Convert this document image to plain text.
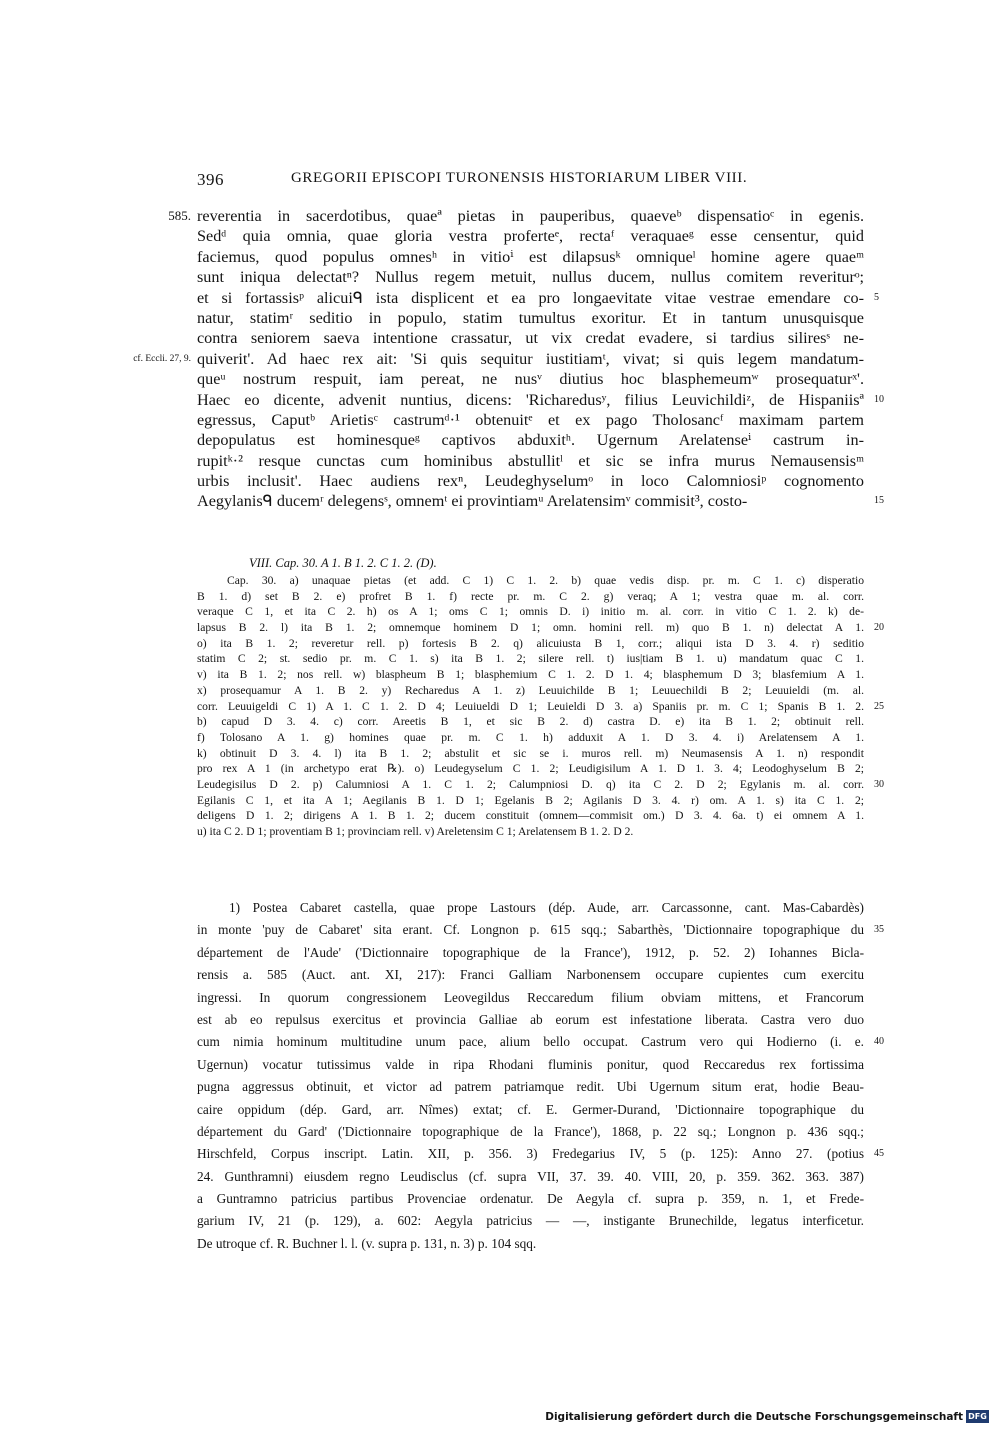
396	GREGORII EPISCOPI TURONENSIS HISTORIARUM LIBER VIII.
585. reverentia in sacerdotibus, quaeª pietas in pauperibus, quaeveᵇ dispensatioᶜ in egenis.
Sedᵈ quia omnia, quae gloria vestra proferteᵉ, rectaᶠ veraquaeᵍ esse censentur, quid
faciemus, quod populus omnesʰ in vitioⁱ est dilapsusᵏ omniqueˡ homine agere quaeᵐ
sunt iniqua delectatⁿ? Nullus regem metuit, nullus ducem, nullus comitem reveriturᵒ;
et si fortassisᵖ alicuiᑫ ista displicent et ea pro longaevitate vitae vestrae emendare co- 5
natur, statimʳ seditio in populo, statim tumultus exoritur. Et in tantum unusquisque
contra seniorem saeva intentione crassatur, ut vix credat evadere, si tardius siliresˢ ne-
cf. Eccli. 27, 9. quiverit'. Ad haec rex ait: 'Si quis sequitur iustitiamᵗ, vivat; si quis legem mandatum-
queᵘ nostrum respuit, iam pereat, ne nusᵛ diutius hoc blasphemeumʷ prosequaturˣ'.
Haec eo dicente, advenit nuntius, dicens: 'Richaredusʸ, filius Leuvichildiᶻ, de Hispaniisª 10
egressus, Caputᵇ Arietisᶜ castrumᵈ·¹ obtenuitᵉ et ex pago Tholosancᶠ maximam partem
depopulatus est hominesqueᵍ captivos abduxitʰ. Ugernum Arelatenseⁱ castrum in-
rupitᵏ·² resque cunctas cum hominibus abstullitˡ et sic se infra murus Nemausensisᵐ
urbis inclusit'. Haec audiens rexⁿ, Leudeghyselumᵒ in loco Calomniosiᵖ cognomento
Aegylanisᑫ ducemʳ delegensˢ, omnemᵗ ei provintiamᵘ Arelatensimᵛ commisit³, costo-	15
VIII. Cap. 30. A 1. B 1. 2. C 1. 2. (D).
Cap. 30. a) unaquae pietas (et add. C 1) C 1. 2. b) quae vedis disp. pr. m. C 1. c) disperatio
B 1. d) set B 2. e) profret B 1. f) recte pr. m. C 2. g) veraq; A 1; vestra quae m. al. corr.
veraque C 1, et ita C 2. h) os A 1; oms C 1; omnis D. i) initio m. al. corr. in vitio C 1. 2. k) de-
lapsus B 2. l) ita B 1. 2; omnemque hominem D 1; omn. homini rell. m) quo B 1. n) delectat A 1. 20
o) ita B 1. 2; reveretur rell. p) fortesis B 2. q) alicuiusta B 1, corr.; aliqui ista D 3. 4. r) seditio
statim C 2; st. sedio pr. m. C 1. s) ita B 1. 2; silere rell. t) ius|tiam B 1. u) mandatum quac C 1.
v) ita B 1. 2; nos rell. w) blaspheum B 1; blasphemium C 1. 2. D 1. 4; blasphemum D 3; blasfemium A 1.
x) prosequamur A 1. B 2. y) Recharedus A 1. z) Leuuichilde B 1; Leuuechildi B 2; Leuuieldi (m. al.
corr. Leuuigeldi C 1) A 1. C 1. 2. D 4; Leuiueldi D 1; Leuieldi D 3. a) Spaniis pr. m. C 1; Spanis B 1. 2. 25
b) capud D 3. 4. c) corr. Areetis B 1, et sic B 2. d) castra D. e) ita B 1. 2; obtinuit rell.
f) Tolosano A 1. g) homines quae pr. m. C 1. h) adduxit A 1. D 3. 4. i) Arelatensem A 1.
k) obtinuit D 3. 4. l) ita B 1. 2; abstulit et sic se i. muros rell. m) Neumasensis A 1. n) respondit
pro rex A 1 (in archetypo erat ℞). o) Leudegyselum C 1. 2; Leudigisilum A 1. D 1. 3. 4; Leodoghyselum B 2;
Leudegisilus D 2. p) Calumniosi A 1. C 1. 2; Calumpniosi D. q) ita C 2. D 2; Egylanis m. al. corr. 30
Egilanis C 1, et ita A 1; Aegilanis B 1. D 1; Egelanis B 2; Agilanis D 3. 4. r) om. A 1. s) ita C 1. 2;
deligens D 1. 2; dirigens A 1. B 1. 2; ducem constituit (omnem—commisit om.) D 3. 4. 6a. t) ei omnem A 1.
u) ita C 2. D 1; proventiam B 1; provinciam rell. v) Areletensim C 1; Arelatensem B 1. 2. D 2.
1) Postea Cabaret castella, quae prope Lastours (dép. Aude, arr. Carcassonne, cant. Mas-Cabardès)
in monte 'puy de Cabaret' sita erant. Cf. Longnon p. 615 sqq.; Sabarthès, 'Dictionnaire topographique du 35
département de l'Aude' ('Dictionnaire topographique de la France'), 1912, p. 52. 2) Iohannes Bicla-
rensis a. 585 (Auct. ant. XI, 217): Franci Galliam Narbonensem occupare cupientes cum exercitu
ingressi. In quorum congressionem Leovegildus Reccaredum filium obviam mittens, et Francorum
est ab eo repulsus exercitus et provincia Galliae ab eorum est infestatione liberata. Castra vero duo
cum nimia hominum multitudine unum pace, alium bello occupat. Castrum vero qui Hodierno (i. e. 40
Ugernun) vocatur tutissimus valde in ripa Rhodani fluminis ponitur, quod Reccaredus rex fortissima
pugna aggressus obtinuit, et victor ad patrem patriamque redit. Ubi Ugernum situm erat, hodie Beau-
caire oppidum (dép. Gard, arr. Nîmes) extat; cf. E. Germer-Durand, 'Dictionnaire topographique du
département du Gard' ('Dictionnaire topographique de la France'), 1868, p. 22 sq.; Longnon p. 436 sqq.;
Hirschfeld, Corpus inscript. Latin. XII, p. 356. 3) Fredegarius IV, 5 (p. 125): Anno 27. (potius 45
24. Gunthramni) eiusdem regno Leudisclus (cf. supra VII, 37. 39. 40. VIII, 20, p. 359. 362. 363. 387)
a Guntramno patricius partibus Provenciae ordenatur. De Aegyla cf. supra p. 359, n. 1, et Frede-
garium IV, 21 (p. 129), a. 602: Aegyla patricius — —, instigante Brunechilde, legatus interficetur.
De utroque cf. R. Buchner l. l. (v. supra p. 131, n. 3) p. 104 sqq.
Digitalisierung gefördert durch die Deutsche Forschungsgemeinschaft DFG
